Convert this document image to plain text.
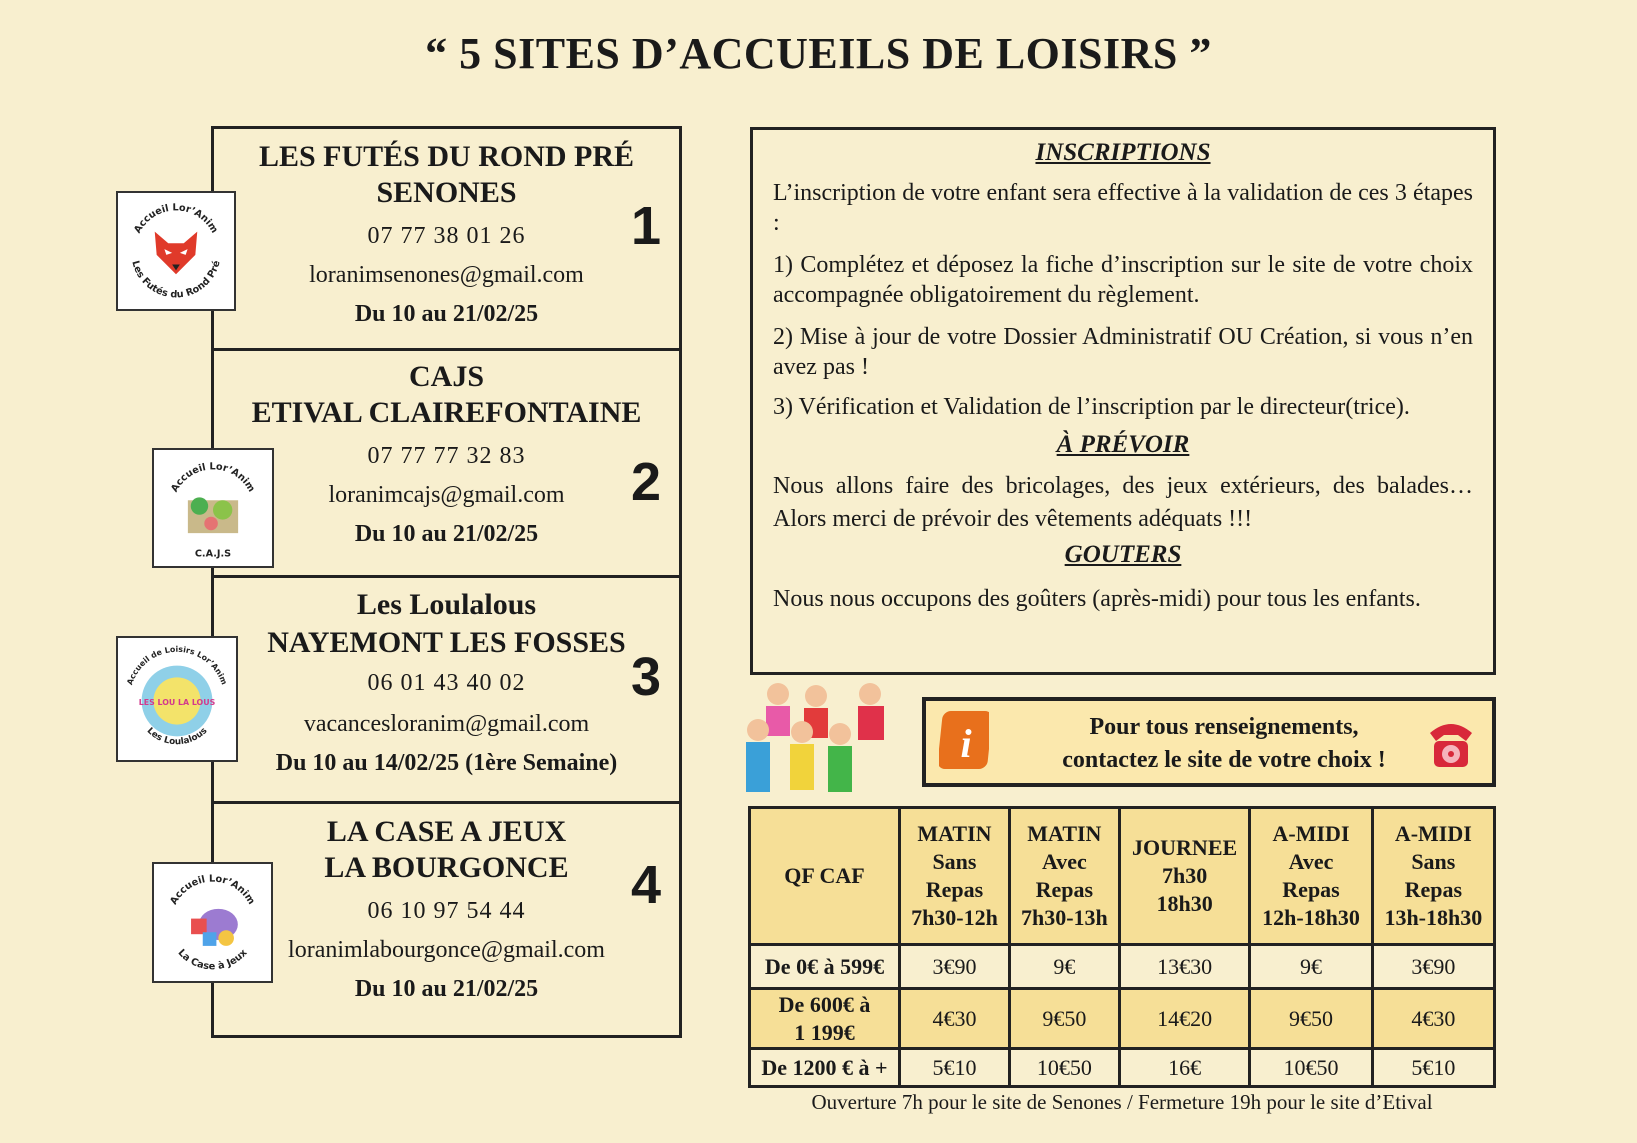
“ 5 SITES D’ACCUEILS DE LOISIRS ”
LES FUTÉS DU ROND PRÉ
SENONES
07 77 38 01 26
loranimsenones@gmail.com
Du 10 au 21/02/25
1
CAJS
ETIVAL CLAIREFONTAINE
07 77 77 32 83
loranimcajs@gmail.com
Du 10 au 21/02/25
2
Les Loulalous
NAYEMONT LES FOSSES
06 01 43 40 02
vacancesloranim@gmail.com
Du 10 au 14/02/25 (1ère Semaine)
3
LA CASE A JEUX
LA BOURGONCE
06 10 97 54 44
loranimlabourgonce@gmail.com
Du 10 au 21/02/25
4
Accueil Lor’Anim
Les Futés du Rond Pré
Accueil Lor’Anim
C.A.J.S
Accueil de Loisirs Lor’Anim
LES LOU LA LOUS
Les Loulalous
Accueil Lor’Anim
La Case à Jeux
INSCRIPTIONS

L’inscription de votre enfant sera effective à la validation de ces 3 étapes :

1) Complétez et déposez la fiche d’inscription sur le site de votre choix accompagnée obligatoirement du règlement.

2) Mise à jour de votre Dossier Administratif OU Création, si vous n’en avez pas !

3) Vérification et Validation de l’inscription par le directeur(trice).

À PRÉVOIR

Nous allons faire des bricolages, des jeux extérieurs, des balades… Alors merci de prévoir des vêtements adéquats !!!

GOUTERS

Nous nous occupons des goûters (après-midi) pour tous les enfants.

i	Pour tous renseignements,
contactez le site de votre choix !
QF CAF	MATIN
Sans
Repas
7h30-12h	MATIN
Avec
Repas
7h30-13h	JOURNEE
7h30
18h30	A-MIDI
Avec
Repas
12h-18h30	A-MIDI
Sans
Repas
13h-18h30
De 0€ à 599€	3€90	9€	13€30	9€	3€90
De 600€ à
1 199€	4€30	9€50	14€20	9€50	4€30
De 1200 € à +	5€10	10€50	16€	10€50	5€10
Ouverture 7h pour le site de Senones / Fermeture 19h pour le site d’Etival
